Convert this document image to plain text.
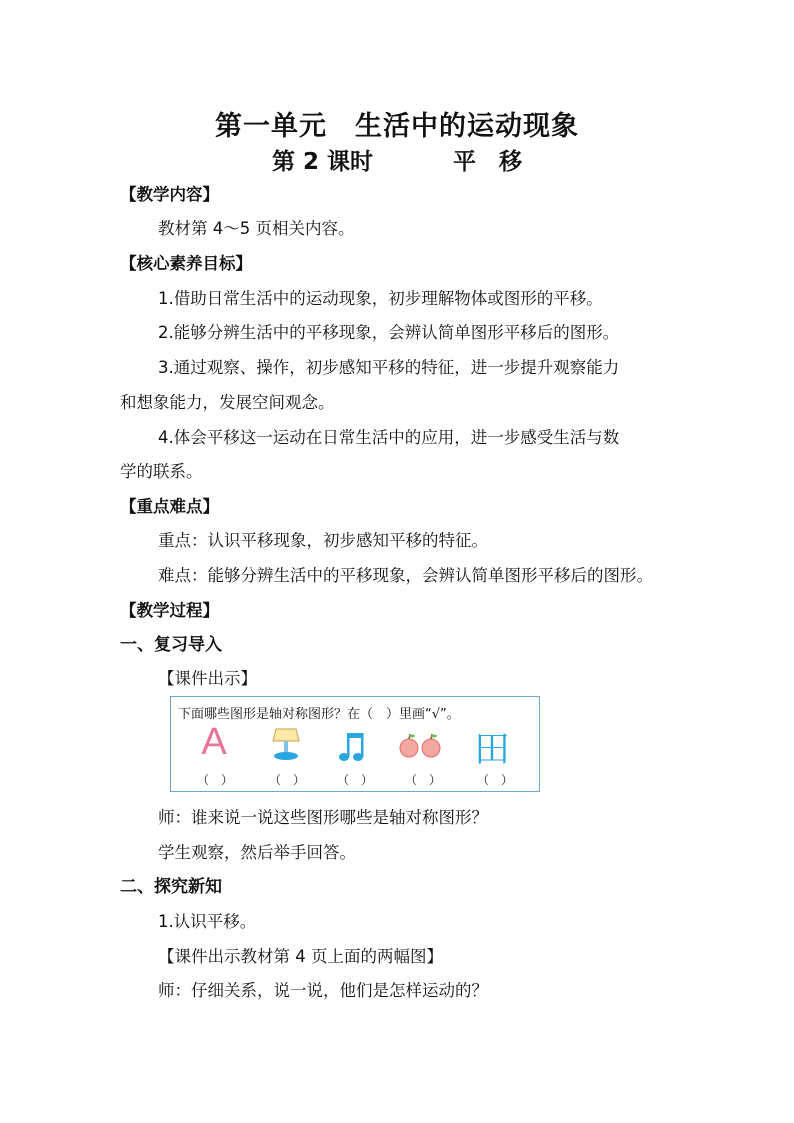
第一单元　生活中的运动现象
第 2 课时	平　移
【教学内容】
教材第 4～5 页相关内容。
【核心素养目标】
1.借助日常生活中的运动现象，初步理解物体或图形的平移。
2.能够分辨生活中的平移现象，会辨认简单图形平移后的图形。
3.通过观察、操作，初步感知平移的特征，进一步提升观察能力
和想象能力，发展空间观念。
4.体会平移这一运动在日常生活中的应用，进一步感受生活与数
学的联系。
【重点难点】
重点：认识平移现象，初步感知平移的特征。
难点：能够分辨生活中的平移现象，会辨认简单图形平移后的图形。
【教学过程】
一、复习导入
【课件出示】
下面哪些图形是轴对称图形？在（　）里画“√”。
A	田
（　）	（　）	（　）	（　）	（　）
师：谁来说一说这些图形哪些是轴对称图形？
学生观察，然后举手回答。
二、探究新知
1.认识平移。
【课件出示教材第 4 页上面的两幅图】
师：仔细关系，说一说，他们是怎样运动的？
